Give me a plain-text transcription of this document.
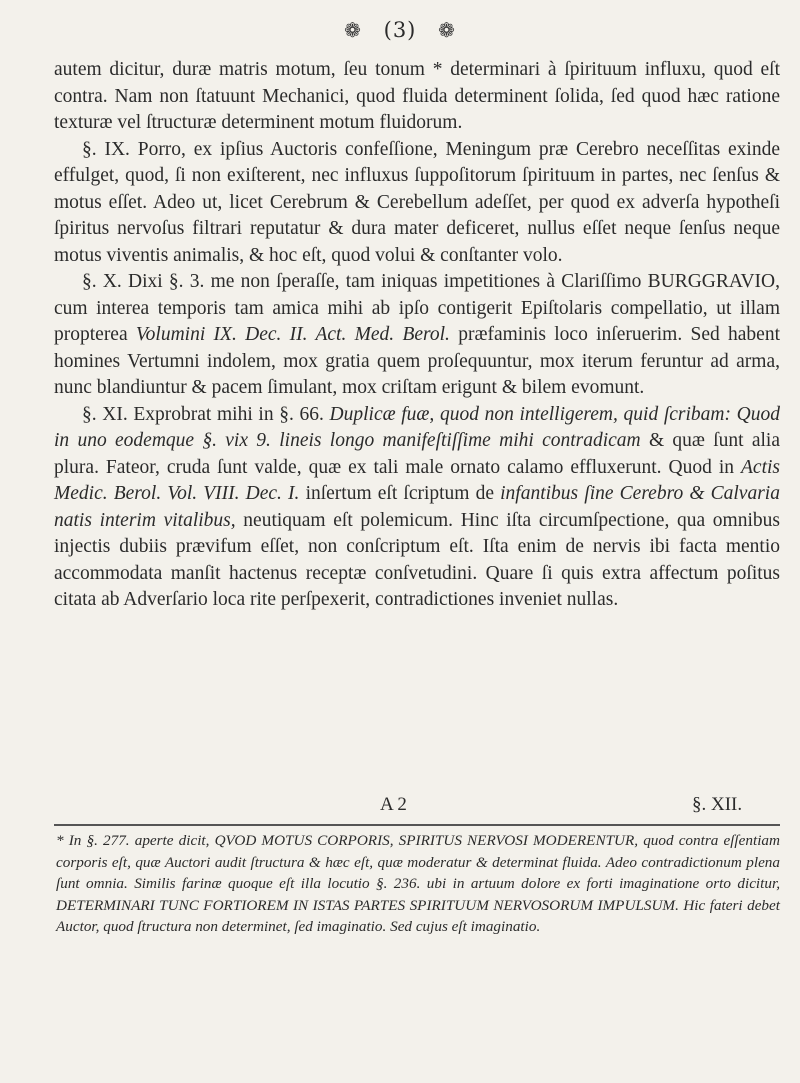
❁ (3) ❁

autem dicitur, duræ matris motum, ſeu tonum * determinari à ſpirituum influxu, quod eſt contra. Nam non ſtatuunt Mechanici, quod fluida determinent ſolida, ſed quod hæc ratione texturæ vel ſtructuræ determinent motum fluidorum.

§. IX. Porro, ex ipſius Auctoris confeſſione, Meningum præ Cerebro neceſſitas exinde effulget, quod, ſi non exiſterent, nec influxus ſuppoſitorum ſpirituum in partes, nec ſenſus & motus eſſet. Adeo ut, licet Cerebrum & Cerebellum adeſſet, per quod ex adverſa hypotheſi ſpiritus nervoſus filtrari reputatur & dura mater deficeret, nullus eſſet neque ſenſus neque motus viventis animalis, & hoc eſt, quod volui & conſtanter volo.

§. X. Dixi §. 3. me non ſperaſſe, tam iniquas impetitiones à Clariſſimo BURGGRAVIO, cum interea temporis tam amica mihi ab ipſo contigerit Epiſtolaris compellatio, ut illam propterea Volumini IX. Dec. II. Act. Med. Berol. præfaminis loco inſeruerim. Sed habent homines Vertumni indolem, mox gratia quem proſequuntur, mox iterum feruntur ad arma, nunc blandiuntur & pacem ſimulant, mox criſtam erigunt & bilem evomunt.

§. XI. Exprobrat mihi in §. 66. Duplicæ fuæ, quod non intelligerem, quid ſcribam: Quod in uno eodemque §. vix 9. lineis longo manifeſtiſſime mihi contradicam & quæ ſunt alia plura. Fateor, cruda ſunt valde, quæ ex tali male ornato calamo effluxerunt. Quod in Actis Medic. Berol. Vol. VIII. Dec. I. inſertum eſt ſcriptum de infantibus ſine Cerebro & Calvaria natis interim vitalibus, neutiquam eſt polemicum. Hinc iſta circumſpectione, qua omnibus injectis dubiis prævifum eſſet, non conſcriptum eſt. Iſta enim de nervis ibi facta mentio accommodata manſit hactenus receptæ conſvetudini. Quare ſi quis extra affectum poſitus citata ab Adverſario loca rite perſpexerit, contradictiones inveniet nullas.

A 2	§. XII.
* In §. 277. aperte dicit, QVOD MOTUS CORPORIS, SPIRITUS NERVOSI MODERENTUR, quod contra eſſentiam corporis eſt, quæ Auctori audit ſtructura & hæc eſt, quæ moderatur & determinat fluida. Adeo contradictionum plena ſunt omnia. Similis farinæ quoque eſt illa locutio §. 236. ubi in artuum dolore ex forti imaginatione orto dicitur, DETERMINARI TUNC FORTIOREM IN ISTAS PARTES SPIRITUUM NERVOSORUM IMPULSUM. Hic fateri debet Auctor, quod ſtructura non determinet, ſed imaginatio. Sed cujus eſt imaginatio.
